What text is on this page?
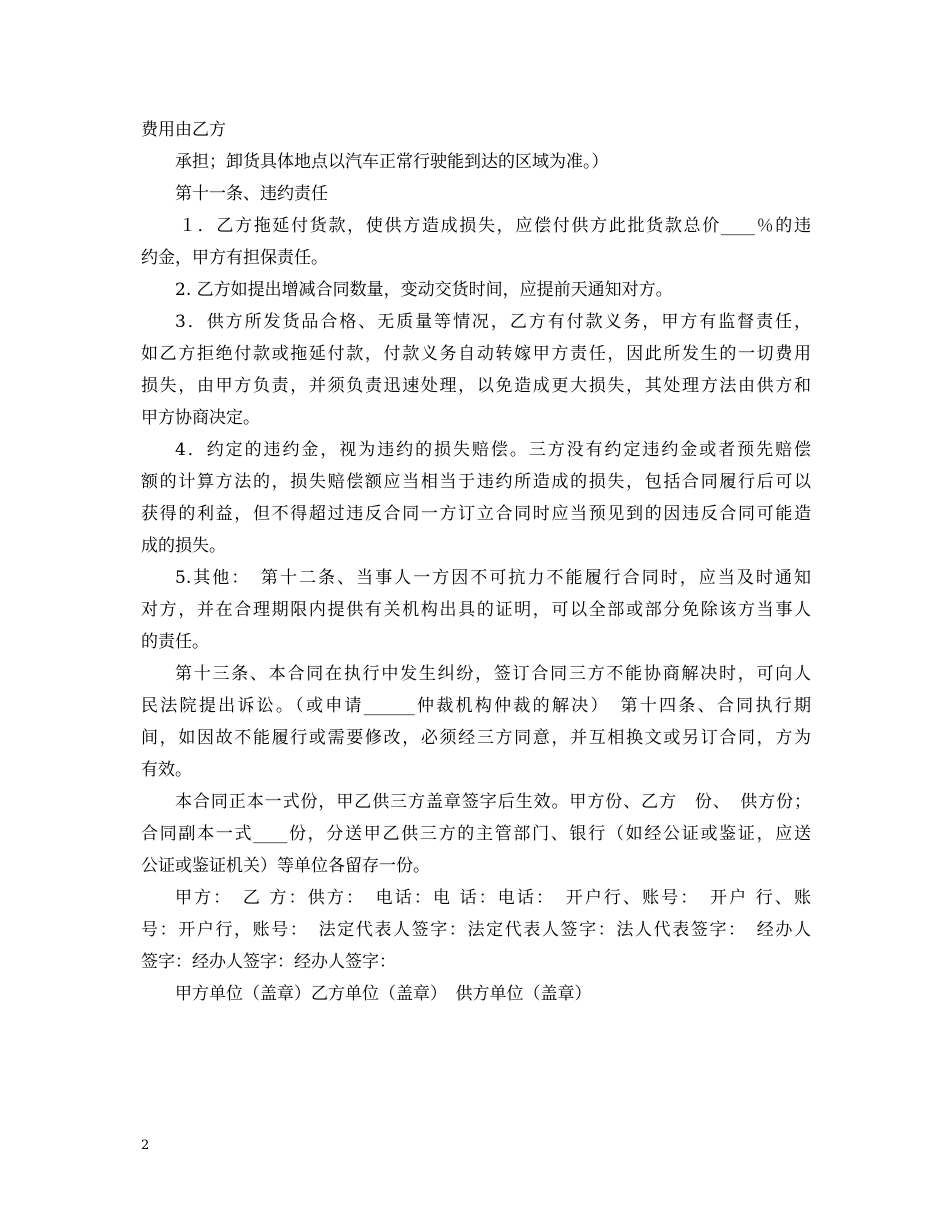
费用由乙方
承担；卸货具体地点以汽车正常行驶能到达的区域为准。）
第十一条、违约责任
１．乙方拖延付货款，使供方造成损失，应偿付供方此批货款总价____％的违
约金，甲方有担保责任。
2. 乙方如提出增减合同数量，变动交货时间，应提前天通知对方。
3．供方所发货品合格、无质量等情况，乙方有付款义务，甲方有监督责任，
如乙方拒绝付款或拖延付款，付款义务自动转嫁甲方责任，因此所发生的一切费用
损失，由甲方负责，并须负责迅速处理，以免造成更大损失，其处理方法由供方和
甲方协商决定。
4．约定的违约金，视为违约的损失赔偿。三方没有约定违约金或者预先赔偿
额的计算方法的，损失赔偿额应当相当于违约所造成的损失，包括合同履行后可以
获得的利益，但不得超过违反合同一方订立合同时应当预见到的因违反合同可能造
成的损失。
5.其他：　第十二条、当事人一方因不可抗力不能履行合同时，应当及时通知
对方，并在合理期限内提供有关机构出具的证明，可以全部或部分免除该方当事人
的责任。
第十三条、本合同在执行中发生纠纷，签订合同三方不能协商解决时，可向人
民法院提出诉讼。（或申请______仲裁机构仲裁的解决）　第十四条、合同执行期
间，如因故不能履行或需要修改，必须经三方同意，并互相换文或另订合同，方为
有效。
本合同正本一式份，甲乙供三方盖章签字后生效。甲方份、乙方　份、　供方份；
合同副本一式____份，分送甲乙供三方的主管部门、银行（如经公证或鉴证，应送
公证或鉴证机关）等单位各留存一份。
甲方：　乙 方：供方：　电话：电 话：电话：　开户行、账号：　开户 行、账
号：开户行，账号：　法定代表人签字：法定代表人签字：法人代表签字：　经办人
签字：经办人签字：经办人签字：
甲方单位（盖章）乙方单位（盖章）　供方单位（盖章）
2
